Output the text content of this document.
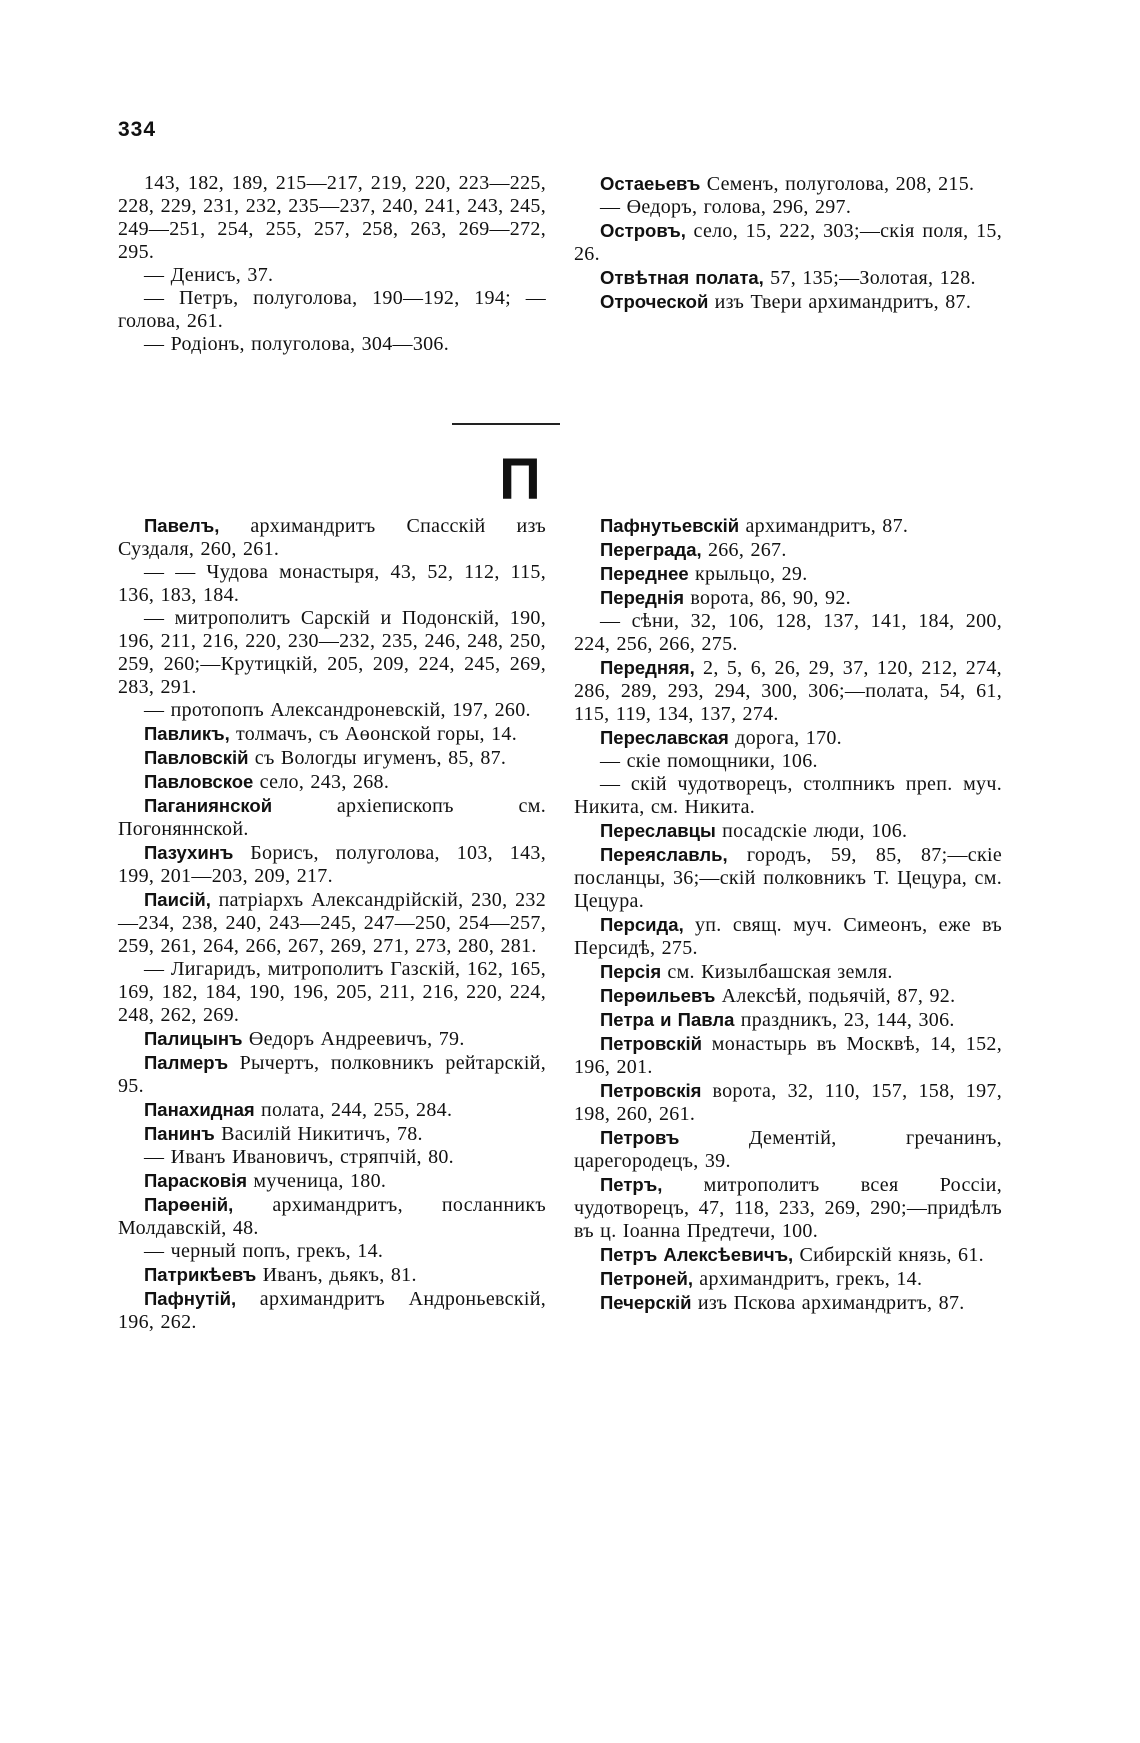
334

143, 182, 189, 215—217, 219, 220, 223—225, 228, 229, 231, 232, 235—237, 240, 241, 243, 245, 249—251, 254, 255, 257, 258, 263, 269—272, 295.

— Денисъ, 37.

— Петръ, полуголова, 190—192, 194; —голова, 261.

— Родіонъ, полуголова, 304—306.

Остаеьевъ Семенъ, полуголова, 208, 215.

— Өедоръ, голова, 296, 297.

Островъ, село, 15, 222, 303;—скія поля, 15, 26.

Отвѣтная полата, 57, 135;—Золотая, 128.

Отроческой изъ Твери архимандритъ, 87.

П

Павелъ, архимандритъ Спасскій изъ Суздаля, 260, 261.

— — Чудова монастыря, 43, 52, 112, 115, 136, 183, 184.

— митрополитъ Сарскій и Подонскій, 190, 196, 211, 216, 220, 230—232, 235, 246, 248, 250, 259, 260;—Крутицкій, 205, 209, 224, 245, 269, 283, 291.

— протопопъ Александроневскій, 197, 260.

Павликъ, толмачъ, съ Аөонской горы, 14.

Павловскій съ Вологды игуменъ, 85, 87.

Павловское село, 243, 268.

Паганиянской архіепископъ см. Погоняннской.

Пазухинъ Борисъ, полуголова, 103, 143, 199, 201—203, 209, 217.

Паисій, патріархъ Александрійскій, 230, 232—234, 238, 240, 243—245, 247—250, 254—257, 259, 261, 264, 266, 267, 269, 271, 273, 280, 281.

— Лигаридъ, митрополитъ Газскій, 162, 165, 169, 182, 184, 190, 196, 205, 211, 216, 220, 224, 248, 262, 269.

Палицынъ Өедоръ Андреевичъ, 79.

Палмеръ Рычертъ, полковникъ рейтарскій, 95.

Панахидная полата, 244, 255, 284.

Панинъ Василій Никитичъ, 78.

— Иванъ Ивановичъ, стряпчій, 80.

Парасковія мученица, 180.

Парөеній, архимандритъ, посланникъ Молдавскій, 48.

— черный попъ, грекъ, 14.

Патрикѣевъ Иванъ, дьякъ, 81.

Пафнутій, архимандритъ Андроньевскій, 196, 262.

Пафнутьевскій архимандритъ, 87.

Переграда, 266, 267.

Переднее крыльцо, 29.

Переднія ворота, 86, 90, 92.

— сѣни, 32, 106, 128, 137, 141, 184, 200, 224, 256, 266, 275.

Передняя, 2, 5, 6, 26, 29, 37, 120, 212, 274, 286, 289, 293, 294, 300, 306;—полата, 54, 61, 115, 119, 134, 137, 274.

Переславская дорога, 170.

— скіе помощники, 106.

— скій чудотворецъ, столпникъ преп. муч. Никита, см. Никита.

Переславцы посадскіе люди, 106.

Переяславль, городъ, 59, 85, 87;—скіе посланцы, 36;—скій полковникъ Т. Цецура, см. Цецура.

Персида, уп. свящ. муч. Симеонъ, еже въ Персидѣ, 275.

Персія см. Кизылбашская земля.

Перөильевъ Алексѣй, подьячій, 87, 92.

Петра и Павла праздникъ, 23, 144, 306.

Петровскій монастырь въ Москвѣ, 14, 152, 196, 201.

Петровскія ворота, 32, 110, 157, 158, 197, 198, 260, 261.

Петровъ Дементій, гречанинъ, царегородецъ, 39.

Петръ, митрополитъ всея Россіи, чудотворецъ, 47, 118, 233, 269, 290;—придѣлъ въ ц. Іоанна Предтечи, 100.

Петръ Алексѣевичъ, Сибирскій князь, 61.

Петроней, архимандритъ, грекъ, 14.

Печерскій изъ Пскова архимандритъ, 87.
